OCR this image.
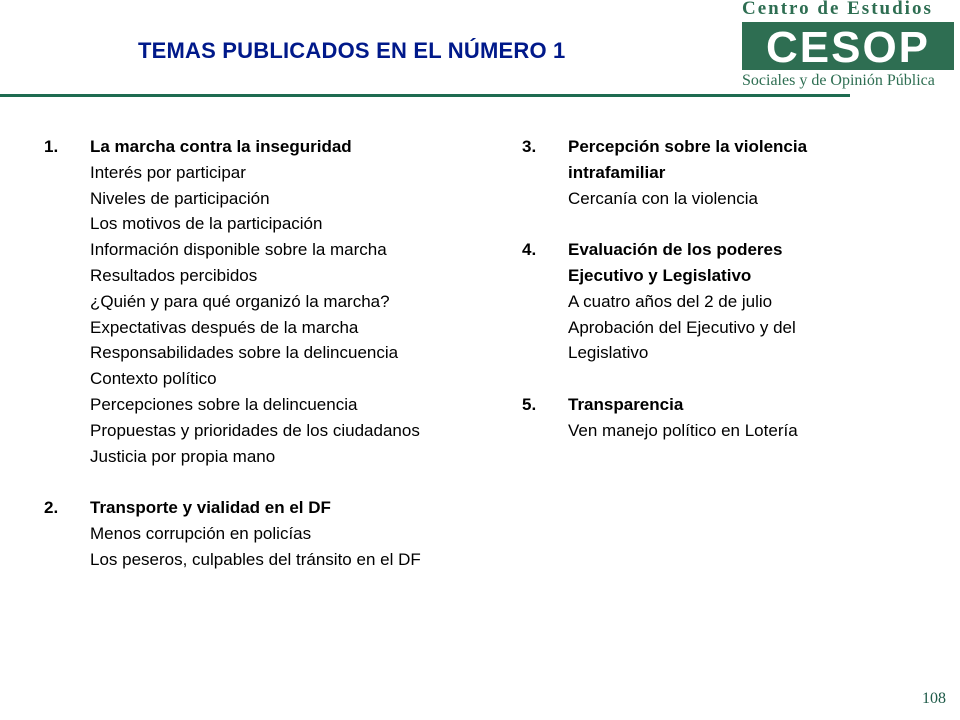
TEMAS PUBLICADOS EN EL NÚMERO 1
Centro de Estudios
CESOP
Sociales y de Opinión Pública
1.	La marcha contra la inseguridad
Interés por participar
Niveles de participación
Los motivos de la participación
Información disponible sobre la marcha
Resultados percibidos
¿Quién y para qué organizó la marcha?
Expectativas después de la marcha
Responsabilidades sobre la delincuencia
Contexto político
Percepciones sobre la delincuencia
Propuestas y prioridades de los ciudadanos
Justicia por propia mano
2.	Transporte y vialidad en el DF
Menos corrupción en policías
Los peseros, culpables del tránsito en el DF
3.	Percepción sobre la violencia intrafamiliar
Cercanía con la violencia
4.	Evaluación de los poderes Ejecutivo y Legislativo
A cuatro años del 2 de julio
Aprobación del Ejecutivo y del Legislativo
5.	Transparencia
Ven manejo político en Lotería
108
